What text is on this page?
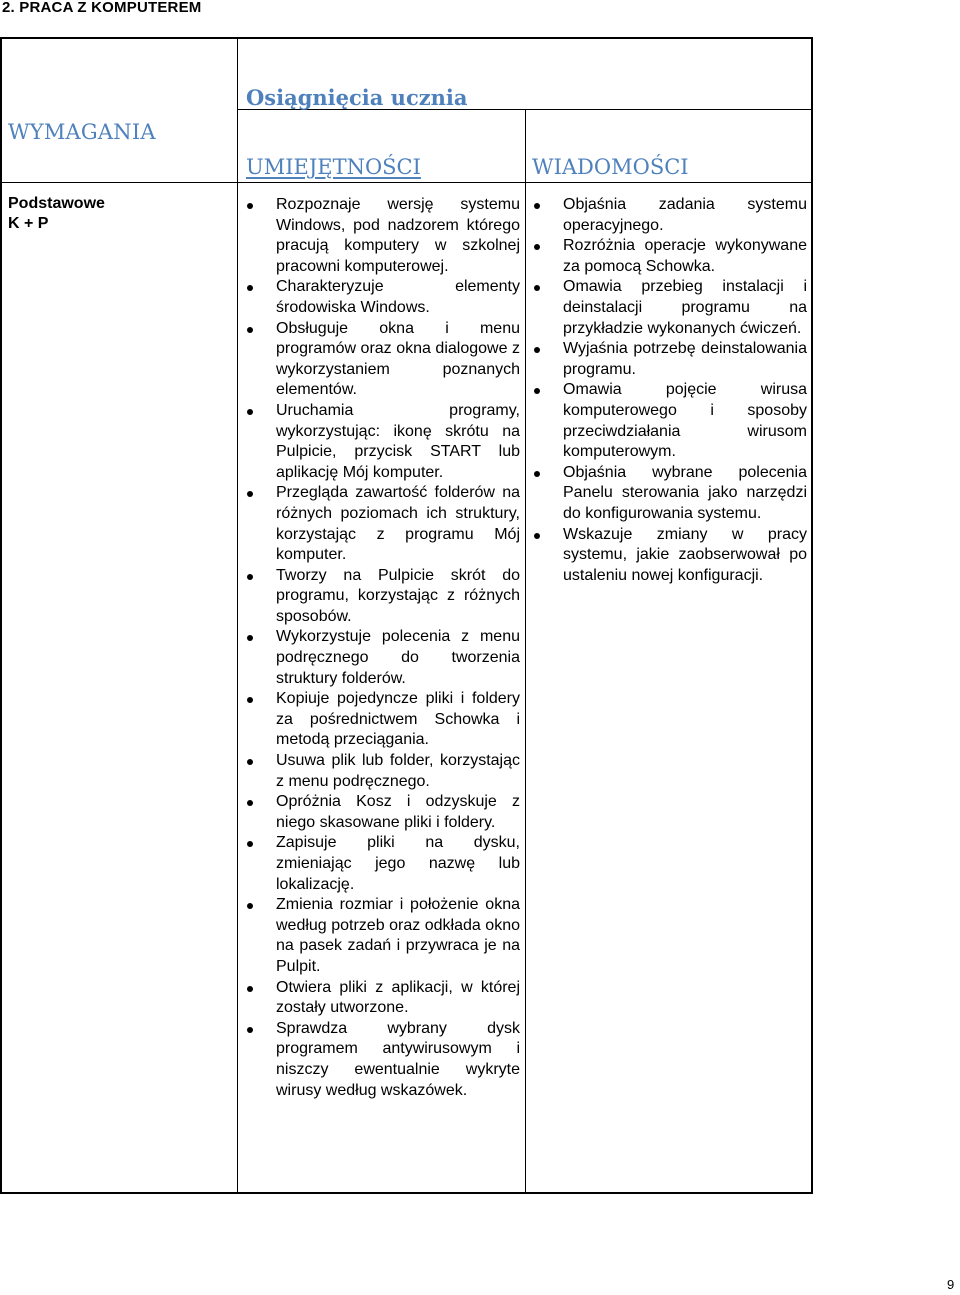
2. PRACA Z KOMPUTEREM
WYMAGANIA
Osiągnięcia ucznia
UMIEJĘTNOŚCI	WIADOMOŚCI
Podstawowe
K + P
Rozpoznaje wersję systemu Windows, pod nadzorem którego pracują komputery w szkolnej pracowni komputerowej.
Charakteryzuje elementy środowiska Windows.
Obsługuje okna i menu programów oraz okna dialogowe z wykorzystaniem poznanych elementów.
Uruchamia programy, wykorzystując: ikonę skrótu na Pulpicie, przycisk START lub aplikację Mój komputer.
Przegląda zawartość folderów na różnych poziomach ich struktury, korzystając z programu Mój komputer.
Tworzy na Pulpicie skrót do programu, korzystając z różnych sposobów.
Wykorzystuje polecenia z menu podręcznego do tworzenia struktury folderów.
Kopiuje pojedyncze pliki i foldery za pośrednictwem Schowka i metodą przeciągania.
Usuwa plik lub folder, korzystając z menu podręcznego.
Opróżnia Kosz i odzyskuje z niego skasowane pliki i foldery.
Zapisuje pliki na dysku, zmieniając jego nazwę lub lokalizację.
Zmienia rozmiar i położenie okna według potrzeb oraz odkłada okno na pasek zadań i przywraca je na Pulpit.
Otwiera pliki z aplikacji, w której zostały utworzone.
Sprawdza wybrany dysk programem antywirusowym i niszczy ewentualnie wykryte wirusy według wskazówek.
Objaśnia zadania systemu operacyjnego.
Rozróżnia operacje wykonywane za pomocą Schowka.
Omawia przebieg instalacji i deinstalacji programu na przykładzie wykonanych ćwiczeń.
Wyjaśnia potrzebę deinstalowania programu.
Omawia pojęcie wirusa komputerowego i sposoby przeciwdziałania wirusom komputerowym.
Objaśnia wybrane polecenia Panelu sterowania jako narzędzi do konfigurowania systemu.
Wskazuje zmiany w pracy systemu, jakie zaobserwował po ustaleniu nowej konfiguracji.
9
